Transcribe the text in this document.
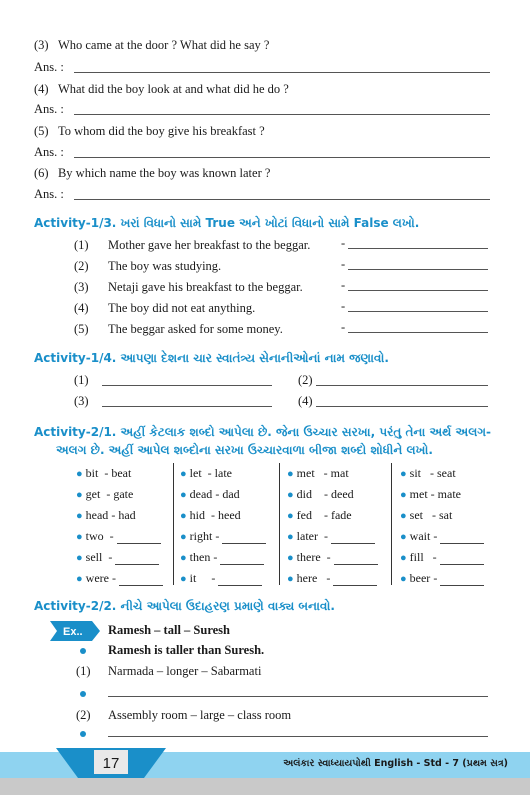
(3) Who came at the door ? What did he say ?
Ans. :
(4) What did the boy look at and what did he do ?
Ans. :
(5) To whom did the boy give his breakfast ?
Ans. :
(6) By which name the boy was known later ?
Ans. :
Activity-1/3. ખરાં વિધાનો સામે True અને ખોટાં વિધાનો સામે False લખો.
(1) Mother gave her breakfast to the beggar. -
(2) The boy was studying.	-
(3) Netaji gave his breakfast to the beggar.	-
(4) The boy did not eat anything.	-
(5) The beggar asked for some money.	-
Activity-1/4. આપણા દેશના ચાર સ્વાતંત્ર્ય સેનાનીઓનાં નામ જણાવો.
(1)	(2)
(3)	(4)
Activity-2/1. અહીં કેટલાક શબ્દો આપેલા છે. જેના ઉચ્ચાર સરખા, પરંતુ તેના અર્થ અલગ-
અલગ છે. અહીં આપેલ શબ્દોના સરખા ઉચ્ચારવાળા બીજા શબ્દો શોધીને લખો.
● bit  - beat
● get  - gate
● head - had
● two  -
● sell  -
● were -
● let  - late
● dead - dad
● hid  - heed
● right -
● then -
● it     -
● met   - mat
● did    - deed
● fed    - fade
● later  -
● there  -
● here   -
● sit   - seat
● met - mate
● set   - sat
● wait -
● fill   -
● beer -
Activity-2/2. નીચે આપેલા ઉદાહરણ પ્રમાણે વાક્ય બનાવો.
Ex.. Ramesh – tall – Suresh
Ramesh is taller than Suresh.
(1) Narmada – longer – Sabarmati
(2) Assembly room – large – class room
17	અલંકાર સ્વાધ્યાયપોથી English - Std - 7 (પ્રથમ સત્ર)
